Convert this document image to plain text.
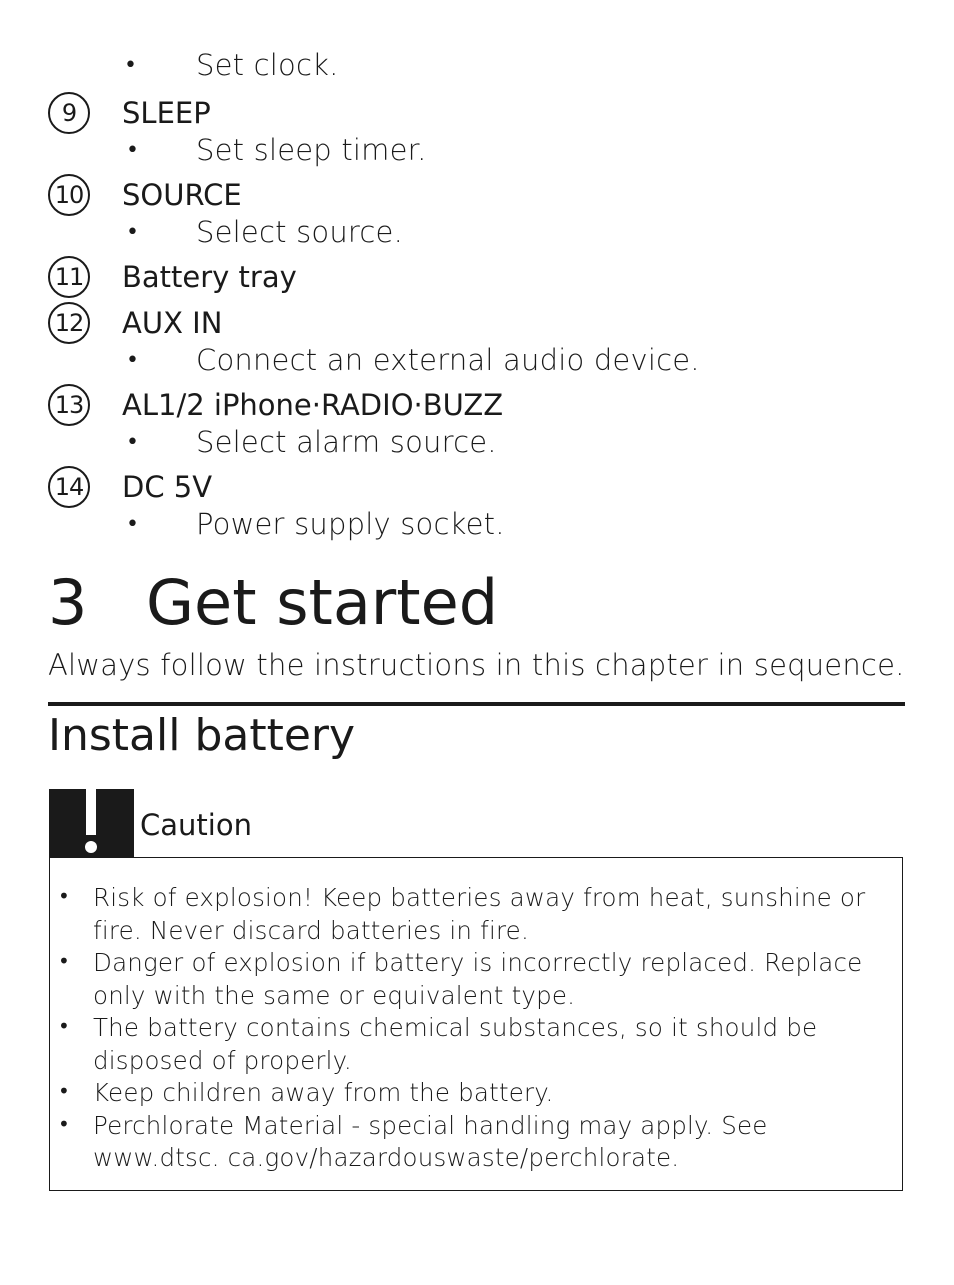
•	Set clock.
9	SLEEP
•	Set sleep timer.
10 SOURCE
•	Select source.
11 Battery tray
12 AUX IN
•	Connect an external audio device.
13 AL1/2 iPhone·RADIO·BUZZ
•	Select alarm source.
14 DC 5V
•	Power supply socket.
3 Get started
Always follow the instructions in this chapter in sequence.
Install battery
Caution
• Risk of explosion! Keep batteries away from heat, sunshine or fire. Never discard batteries in fire.
• Danger of explosion if battery is incorrectly replaced. Replace only with the same or equivalent type.
• The battery contains chemical substances, so it should be disposed of properly.
• Keep children away from the battery.
• Perchlorate Material - special handling may apply. See www.dtsc. ca.gov/hazardouswaste/perchlorate.
